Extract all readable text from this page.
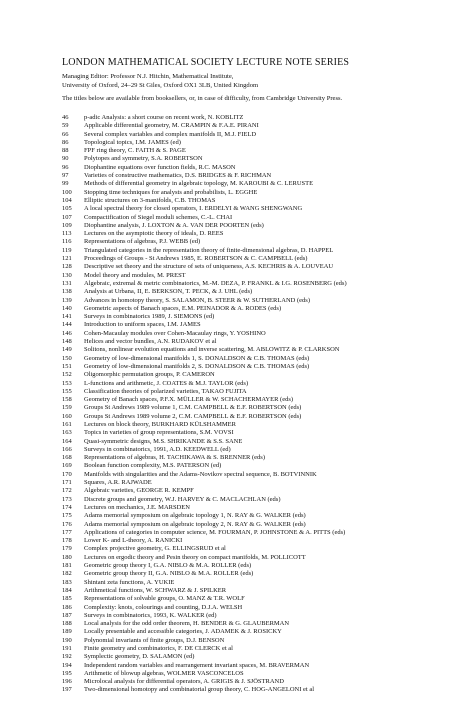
LONDON MATHEMATICAL SOCIETY LECTURE NOTE SERIES
Managing Editor: Professor N.J. Hitchin, Mathematical Institute,
University of Oxford, 24–29 St Giles, Oxford OX1 3LB, United Kingdom
The titles below are available from booksellers, or, in case of difficulty, from Cambridge University Press.
46	p-adic Analysis: a short course on recent work, N. KOBLITZ
59	Applicable differential geometry, M. CRAMPIN & F.A.E. PIRANI
66	Several complex variables and complex manifolds II, M.J. FIELD
86	Topological topics, I.M. JAMES (ed)
88	FPF ring theory, C. FAITH & S. PAGE
90	Polytopes and symmetry, S.A. ROBERTSON
96	Diophantine equations over function fields, R.C. MASON
97	Varieties of constructive mathematics, D.S. BRIDGES & F. RICHMAN
99	Methods of differential geometry in algebraic topology, M. KAROUBI & C. LERUSTE
100	Stopping time techniques for analysts and probabilists, L. EGGHE
104	Elliptic structures on 3-manifolds, C.B. THOMAS
105	A local spectral theory for closed operators, I. ERDELYI & WANG SHENGWANG
107	Compactification of Siegel moduli schemes, C.-L. CHAI
109	Diophantine analysis, J. LOXTON & A. VAN DER POORTEN (eds)
113	Lectures on the asymptotic theory of ideals, D. REES
116	Representations of algebras, P.J. WEBB (ed)
119	Triangulated categories in the representation theory of finite-dimensional algebras, D. HAPPEL
121	Proceedings of Groups - St Andrews 1985, E. ROBERTSON & C. CAMPBELL (eds)
128	Descriptive set theory and the structure of sets of uniqueness, A.S. KECHRIS & A. LOUVEAU
130	Model theory and modules, M. PREST
131	Algebraic, extremal & metric combinatorics, M.-M. DEZA, P. FRANKL & I.G. ROSENBERG (eds)
138	Analysis at Urbana, II, E. BERKSON, T. PECK, & J. UHL (eds)
139	Advances in homotopy theory, S. SALAMON, B. STEER & W. SUTHERLAND (eds)
140	Geometric aspects of Banach spaces, E.M. PEINADOR & A. RODES (eds)
141	Surveys in combinatorics 1989, J. SIEMONS (ed)
144	Introduction to uniform spaces, I.M. JAMES
146	Cohen-Macaulay modules over Cohen-Macaulay rings, Y. YOSHINO
148	Helices and vector bundles, A.N. RUDAKOV et al
149	Solitons, nonlinear evolution equations and inverse scattering, M. ABLOWITZ & P. CLARKSON
150	Geometry of low-dimensional manifolds 1, S. DONALDSON & C.B. THOMAS (eds)
151	Geometry of low-dimensional manifolds 2, S. DONALDSON & C.B. THOMAS (eds)
152	Oligomorphic permutation groups, P. CAMERON
153	L-functions and arithmetic, J. COATES & M.J. TAYLOR (eds)
155	Classification theories of polarized varieties, TAKAO FUJITA
158	Geometry of Banach spaces, P.F.X. MÜLLER & W. SCHACHERMAYER (eds)
159	Groups St Andrews 1989 volume 1, C.M. CAMPBELL & E.F. ROBERTSON (eds)
160	Groups St Andrews 1989 volume 2, C.M. CAMPBELL & E.F. ROBERTSON (eds)
161	Lectures on block theory, BURKHARD KÜLSHAMMER
163	Topics in varieties of group representations, S.M. VOVSI
164	Quasi-symmetric designs, M.S. SHRIKANDE & S.S. SANE
166	Surveys in combinatorics, 1991, A.D. KEEDWELL (ed)
168	Representations of algebras, H. TACHIKAWA & S. BRENNER (eds)
169	Boolean function complexity, M.S. PATERSON (ed)
170	Manifolds with singularities and the Adams-Novikov spectral sequence, B. BOTVINNIK
171	Squares, A.R. RAJWADE
172	Algebraic varieties, GEORGE R. KEMPF
173	Discrete groups and geometry, W.J. HARVEY & C. MACLACHLAN (eds)
174	Lectures on mechanics, J.E. MARSDEN
175	Adams memorial symposium on algebraic topology 1, N. RAY & G. WALKER (eds)
176	Adams memorial symposium on algebraic topology 2, N. RAY & G. WALKER (eds)
177	Applications of categories in computer science, M. FOURMAN, P. JOHNSTONE & A. PITTS (eds)
178	Lower K- and L-theory, A. RANICKI
179	Complex projective geometry, G. ELLINGSRUD et al
180	Lectures on ergodic theory and Pesin theory on compact manifolds, M. POLLICOTT
181	Geometric group theory I, G.A. NIBLO & M.A. ROLLER (eds)
182	Geometric group theory II, G.A. NIBLO & M.A. ROLLER (eds)
183	Shintani zeta functions, A. YUKIE
184	Arithmetical functions, W. SCHWARZ & J. SPILKER
185	Representations of solvable groups, O. MANZ & T.R. WOLF
186	Complexity: knots, colourings and counting, D.J.A. WELSH
187	Surveys in combinatorics, 1993, K. WALKER (ed)
188	Local analysis for the odd order theorem, H. BENDER & G. GLAUBERMAN
189	Locally presentable and accessible categories, J. ADAMEK & J. ROSICKY
190	Polynomial invariants of finite groups, D.J. BENSON
191	Finite geometry and combinatorics, F. DE CLERCK et al
192	Symplectic geometry, D. SALAMON (ed)
194	Independent random variables and rearrangement invariant spaces, M. BRAVERMAN
195	Arithmetic of blowup algebras, WOLMER VASCONCELOS
196	Microlocal analysis for differential operators, A. GRIGIS & J. SJÖSTRAND
197	Two-dimensional homotopy and combinatorial group theory, C. HOG-ANGELONI et al
